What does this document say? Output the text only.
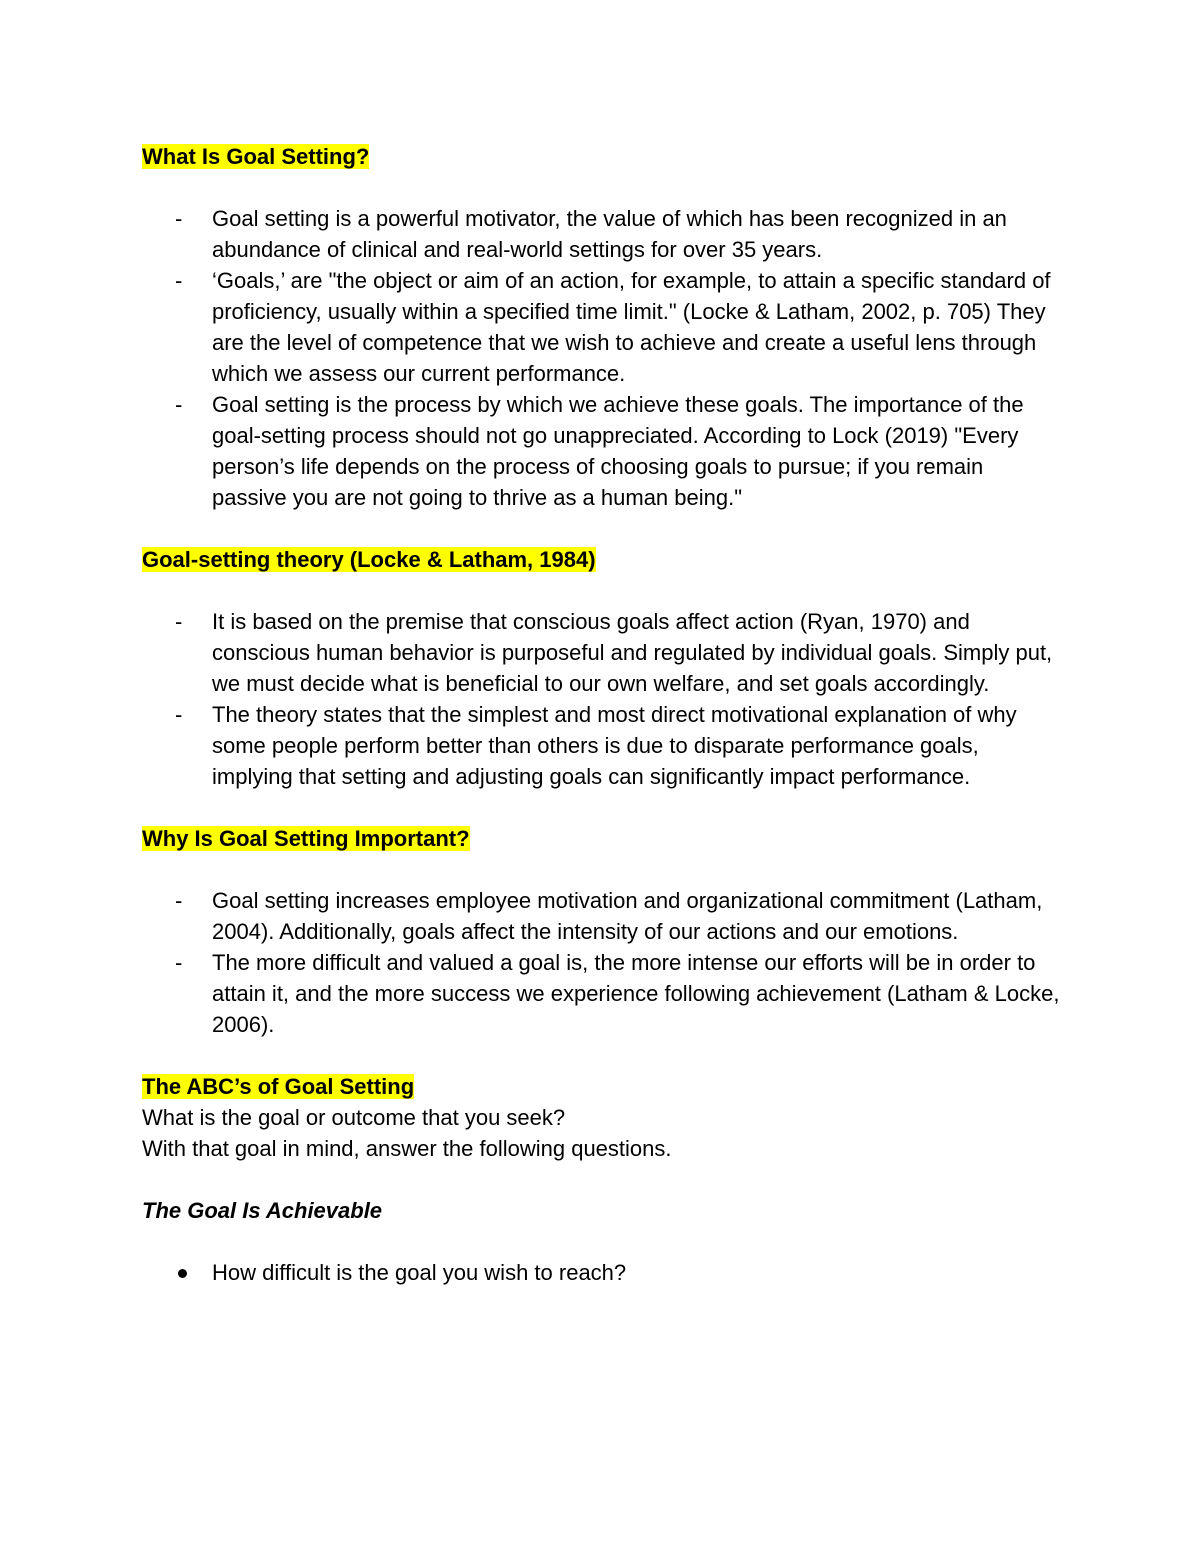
What Is Goal Setting?

- Goal setting is a powerful motivator, the value of which has been recognized in an abundance of clinical and real-world settings for over 35 years.
- ‘Goals,’ are "the object or aim of an action, for example, to attain a specific standard of proficiency, usually within a specified time limit." (Locke & Latham, 2002, p. 705) They are the level of competence that we wish to achieve and create a useful lens through which we assess our current performance.
- Goal setting is the process by which we achieve these goals. The importance of the goal-setting process should not go unappreciated. According to Lock (2019) "Every person’s life depends on the process of choosing goals to pursue; if you remain passive you are not going to thrive as a human being."

Goal-setting theory (Locke & Latham, 1984)

- It is based on the premise that conscious goals affect action (Ryan, 1970) and conscious human behavior is purposeful and regulated by individual goals. Simply put, we must decide what is beneficial to our own welfare, and set goals accordingly.
- The theory states that the simplest and most direct motivational explanation of why some people perform better than others is due to disparate performance goals, implying that setting and adjusting goals can significantly impact performance.

Why Is Goal Setting Important?

- Goal setting increases employee motivation and organizational commitment (Latham, 2004). Additionally, goals affect the intensity of our actions and our emotions.
- The more difficult and valued a goal is, the more intense our efforts will be in order to attain it, and the more success we experience following achievement (Latham & Locke, 2006).

The ABC’s of Goal Setting

What is the goal or outcome that you seek?

With that goal in mind, answer the following questions.

The Goal Is Achievable

How difficult is the goal you wish to reach?
